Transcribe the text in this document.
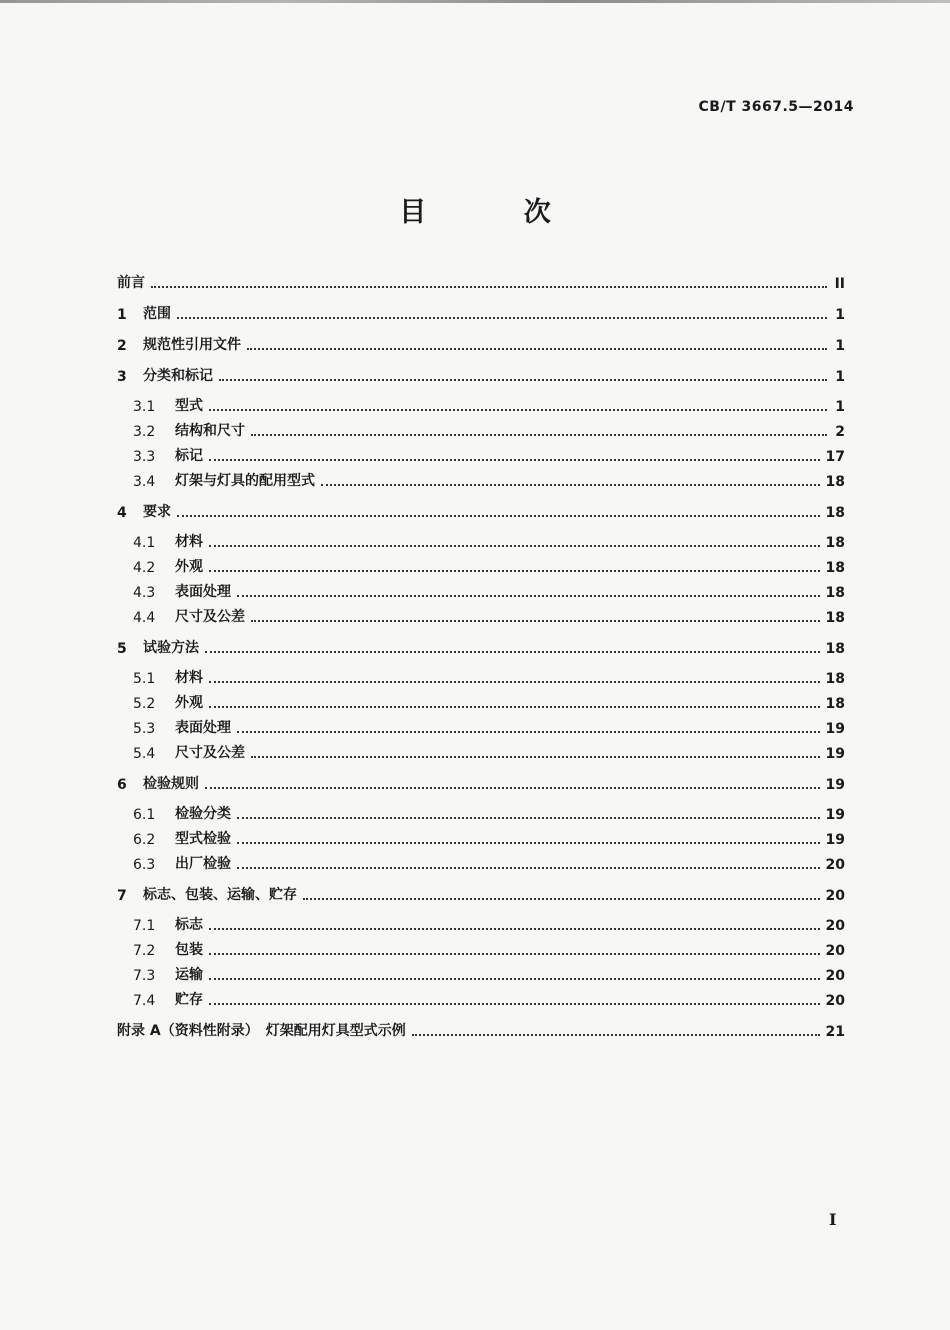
CB/T 3667.5—2014
目 次
前言	II
1	范围	1
2	规范性引用文件	1
3	分类和标记	1
3.1	型式	1
3.2	结构和尺寸	2
3.3	标记	17
3.4	灯架与灯具的配用型式	18
4	要求	18
4.1	材料	18
4.2	外观	18
4.3	表面处理	18
4.4	尺寸及公差	18
5	试验方法	18
5.1	材料	18
5.2	外观	18
5.3	表面处理	19
5.4	尺寸及公差	19
6	检验规则	19
6.1	检验分类	19
6.2	型式检验	19
6.3	出厂检验	20
7	标志、包装、运输、贮存	20
7.1	标志	20
7.2	包装	20
7.3	运输	20
7.4	贮存	20
附录 A（资料性附录）　灯架配用灯具型式示例	21
I
